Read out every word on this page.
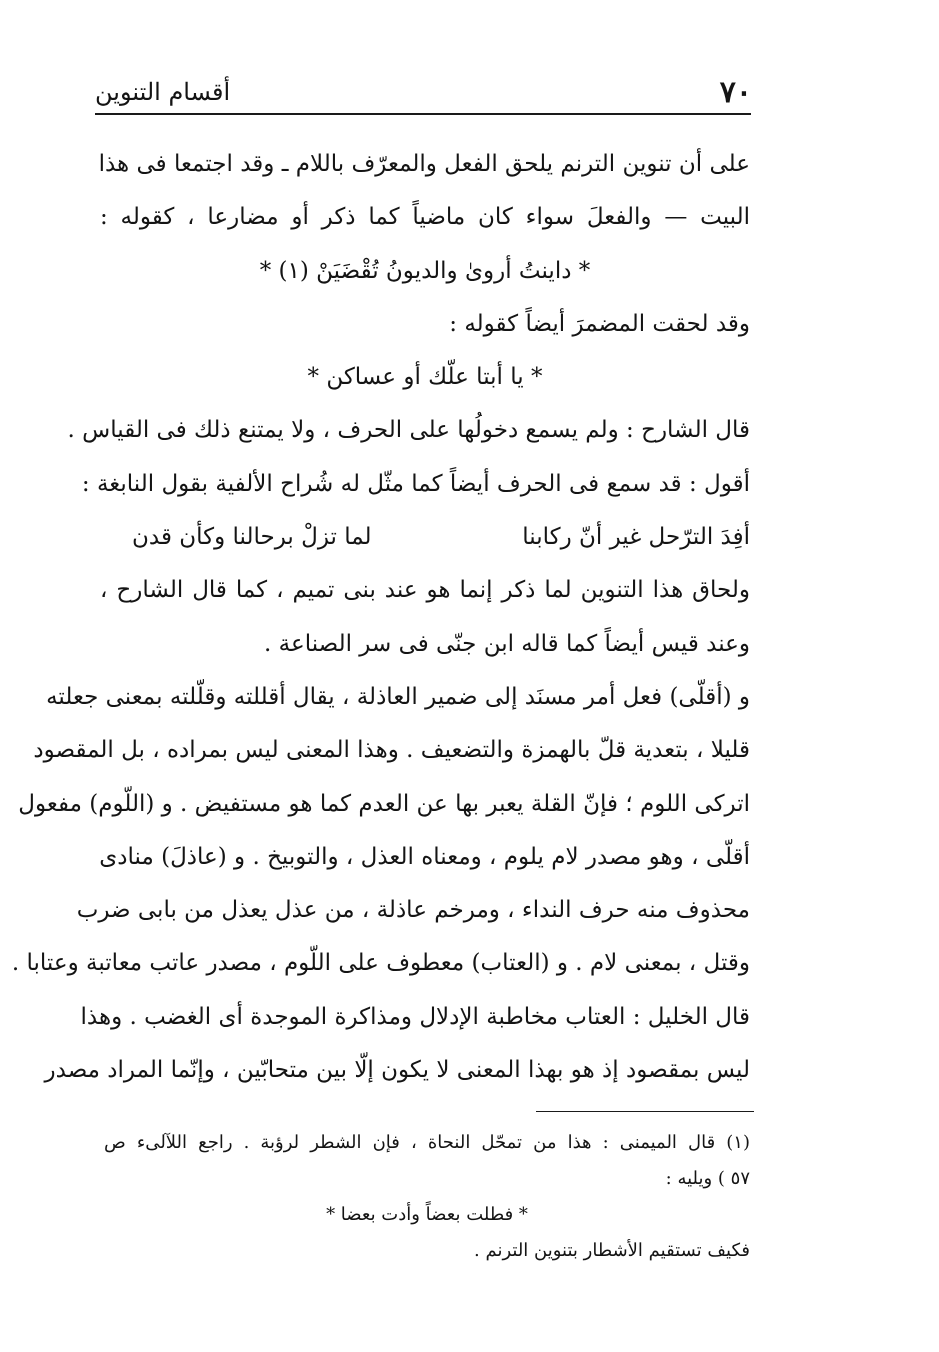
٧٠
أقسام التنوين
على أن تنوين الترنم يلحق الفعل والمعرّف باللام ـ وقد اجتمعا فى هذا
البيت — والفعلَ سواء كان ماضياً كما ذكر أو مضارعا ، كقوله :
* داينتُ أروىٰ والديونُ تُقْضَيَنْ (١) *
وقد لحقت المضمرَ أيضاً كقوله :
* يا أبتا علّك أو عساكن *
قال الشارح : ولم يسمع دخولُها على الحرف ، ولا يمتنع ذلك فى القياس .
أقول : قد سمع فى الحرف أيضاً كما مثّل له شُراح الألفية بقول النابغة :
أفِدَ الترّحل غير أنّ ركابنا
لما تزلْ برحالنا وكأن قدن
ولحاق هذا التنوين لما ذكر إنما هو عند بنى تميم ، كما قال الشارح ،
وعند قيس أيضاً كما قاله ابن جنّى فى سر الصناعة .
و (أقلّى) فعل أمر مسنَد إلى ضمير العاذلة ، يقال أقللته وقلّلته بمعنى جعلته
قليلا ، بتعدية قلّ بالهمزة والتضعيف . وهذا المعنى ليس بمراده ، بل المقصود
اتركى اللوم ؛ فإنّ القلة يعبر بها عن العدم كما هو مستفيض . و (اللّوم) مفعول
أقلّى ، وهو مصدر لام يلوم ، ومعناه العذل ، والتوبيخ . و (عاذلَ) منادى
محذوف منه حرف النداء ، ومرخم عاذلة ، من عذل يعذل من بابى ضرب
وقتل ، بمعنى لام . و (العتاب) معطوف على اللّوم ، مصدر عاتب معاتبة وعتابا .
قال الخليل : العتاب مخاطبة الإدلال ومذاكرة الموجدة أى الغضب . وهذا
ليس بمقصود إذ هو بهذا المعنى لا يكون إلّا بين متحابّين ، وإنّما المراد مصدر
(١) قال الميمنى : هذا من تمحّل النحاة ، فإن الشطر لرؤبة . راجع اللآلىء ص
٥٧ ) ويليه :
* فطلت بعضاً وأدت بعضا *
فكيف تستقيم الأشطار بتنوين الترنم .
